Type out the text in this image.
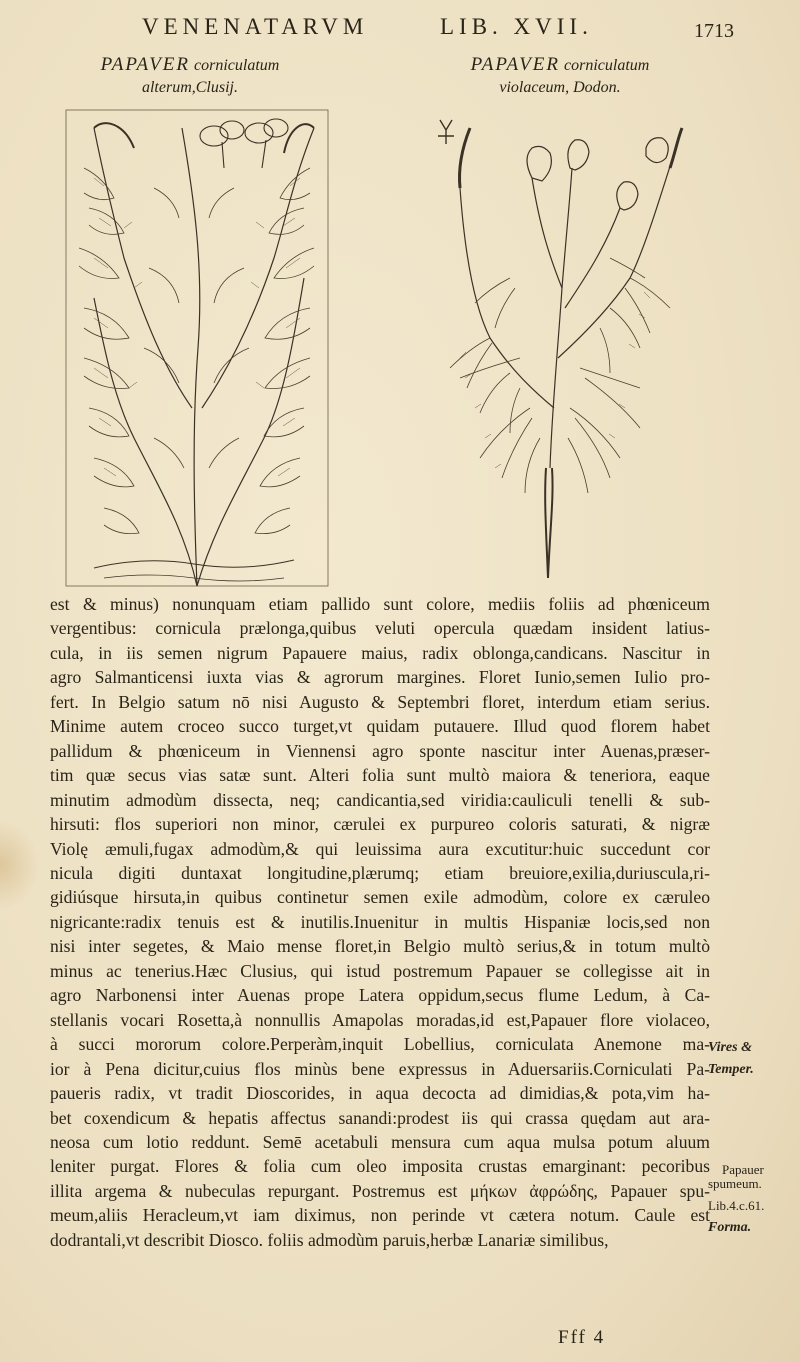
VENENATARVM	LIB. XVII.	1713
PAPAVER corniculatum
alterum,Clusij.
PAPAVER corniculatum
violaceum, Dodon.
est & minus) nonunquam etiam pallido sunt colore, mediis foliis ad phœniceum
vergentibus: cornicula prælonga,quibus veluti opercula quædam insident latius-
cula, in iis semen nigrum Papauere maius, radix oblonga,candicans. Nascitur in
agro Salmanticensi iuxta vias & agrorum margines. Floret Iunio,semen Iulio pro-
fert. In Belgio satum nō nisi Augusto & Septembri floret, interdum etiam serius.
Minime autem croceo succo turget,vt quidam putauere. Illud quod florem habet
pallidum & phœniceum in Viennensi agro sponte nascitur inter Auenas,præser-
tim quæ secus vias satæ sunt. Alteri folia sunt multò maiora & teneriora, eaque
minutim admodùm dissecta, neq; candicantia,sed viridia:cauliculi tenelli & sub-
hirsuti: flos superiori non minor, cærulei ex purpureo coloris saturati, & nigræ
Violę æmuli,fugax admodùm,& qui leuissima aura excutitur:huic succedunt cor
nicula digiti duntaxat longitudine,plærumq; etiam breuiore,exilia,duriuscula,ri-
gidiúsque hirsuta,in quibus continetur semen exile admodùm, colore ex cæruleo
nigricante:radix tenuis est & inutilis.Inuenitur in multis Hispaniæ locis,sed non
nisi inter segetes, & Maio mense floret,in Belgio multò serius,& in totum multò
minus ac tenerius.Hæc Clusius, qui istud postremum Papauer se collegisse ait in
agro Narbonensi inter Auenas prope Latera oppidum,secus flume Ledum, à Ca-
stellanis vocari Rosetta,à nonnullis Amapolas moradas,id est,Papauer flore violaceo,
à succi mororum colore.Perperàm,inquit Lobellius, corniculata Anemone ma-
ior à Pena dicitur,cuius flos minùs bene expressus in Aduersariis.Corniculati Pa-
paueris radix, vt tradit Dioscorides, in aqua decocta ad dimidias,& pota,vim ha-
bet coxendicum & hepatis affectus sanandi:prodest iis qui crassa quędam aut ara-
neosa cum lotio reddunt. Semē acetabuli mensura cum aqua mulsa potum aluum
leniter purgat. Flores & folia cum oleo imposita crustas emarginant: pecoribus
illita argema & nubeculas repurgant. Postremus est μήκων ἀφρώδης, Papauer spu-
meum,aliis Heracleum,vt iam diximus, non perinde vt cætera notum. Caule est
dodrantali,vt describit Diosco. foliis admodùm paruis,herbæ Lanariæ similibus,
Vires &
Temper.
Papauer
spumeum.
Lib.4.c.61.
Forma.
Fff 4
